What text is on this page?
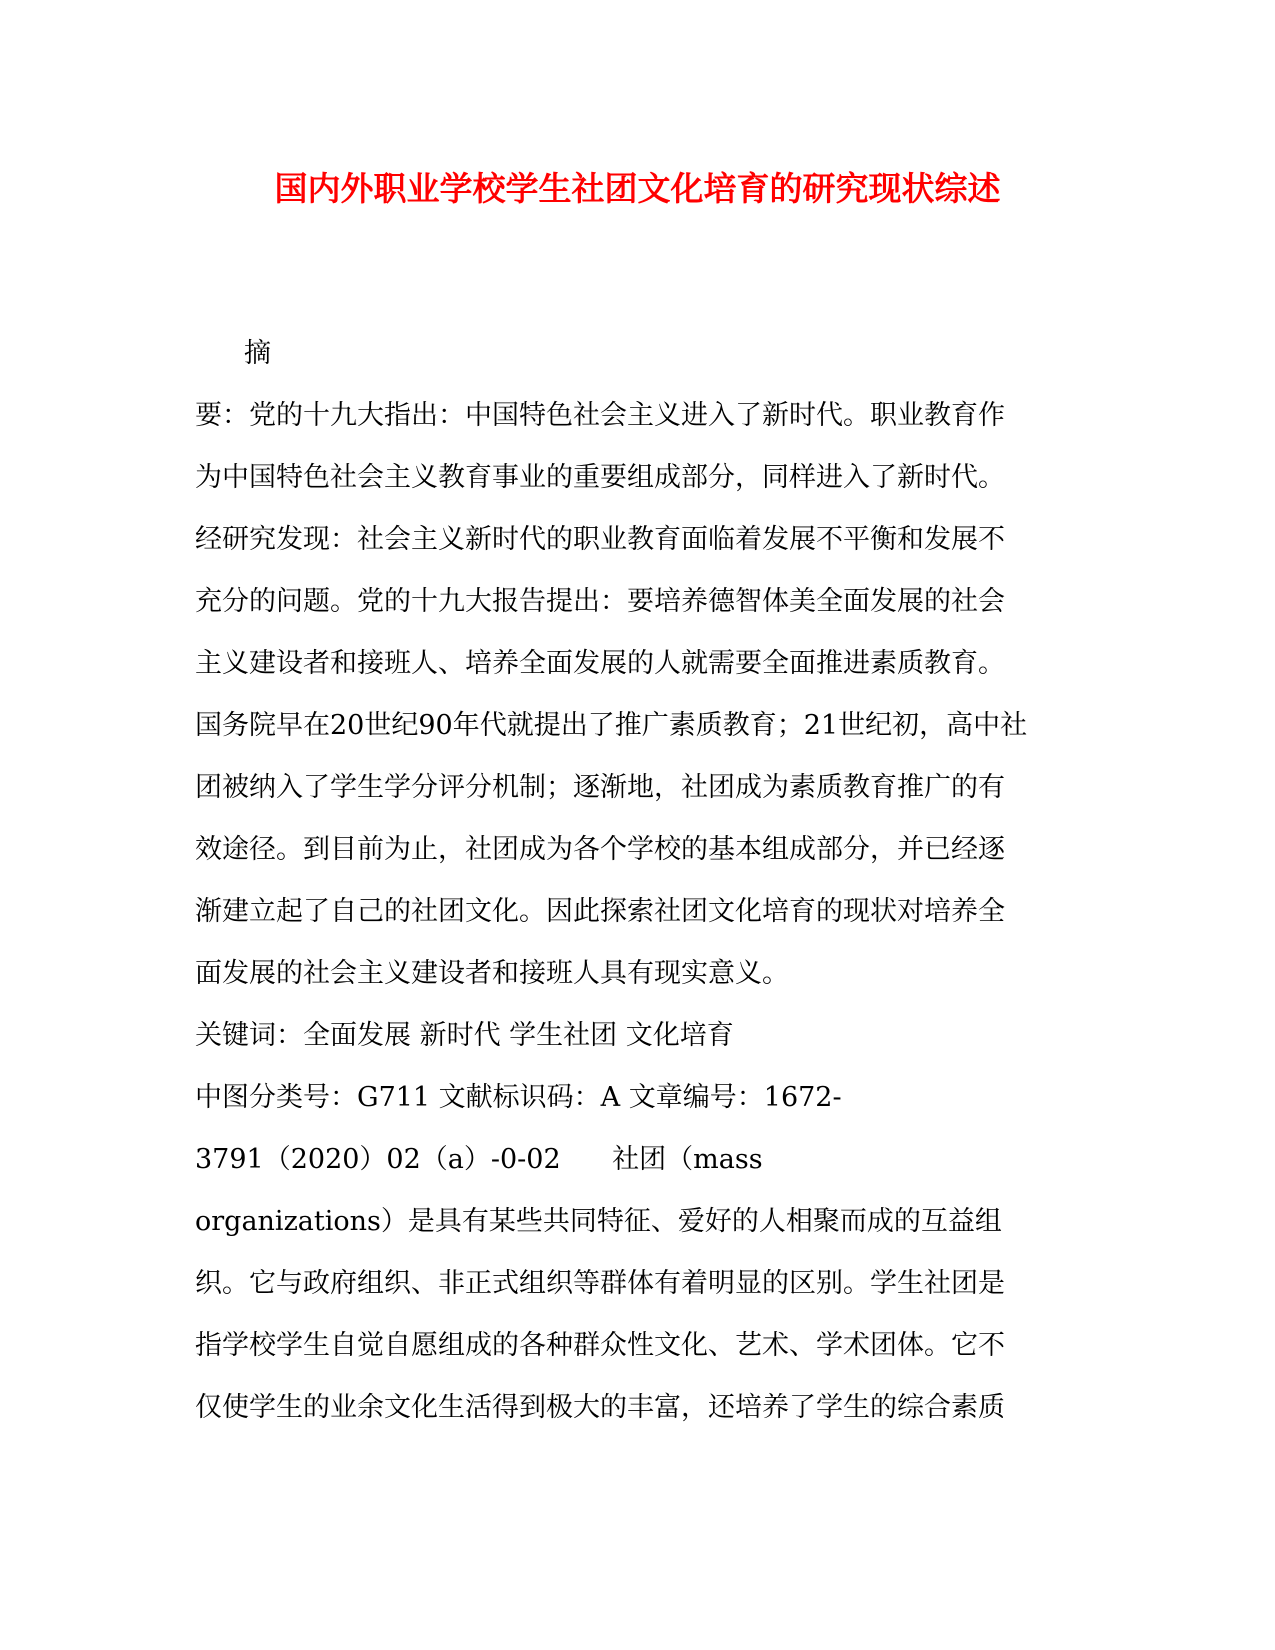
国内外职业学校学生社团文化培育的研究现状综述
摘
要：党的十九大指出：中国特色社会主义进入了新时代。职业教育作
为中国特色社会主义教育事业的重要组成部分，同样进入了新时代。
经研究发现：社会主义新时代的职业教育面临着发展不平衡和发展不
充分的问题。党的十九大报告提出：要培养德智体美全面发展的社会
主义建设者和接班人、培养全面发展的人就需要全面推进素质教育。
国务院早在20世纪90年代就提出了推广素质教育；21世纪初，高中社
团被纳入了学生学分评分机制；逐渐地，社团成为素质教育推广的有
效途径。到目前为止，社团成为各个学校的基本组成部分，并已经逐
渐建立起了自己的社团文化。因此探索社团文化培育的现状对培养全
面发展的社会主义建设者和接班人具有现实意义。
关键词：全面发展 新时代 学生社团 文化培育
中图分类号：G711 文献标识码：A 文章编号：1672-
3791（2020）02（a）-0-02      社团（mass
organizations）是具有某些共同特征、爱好的人相聚而成的互益组
织。它与政府组织、非正式组织等群体有着明显的区别。学生社团是
指学校学生自觉自愿组成的各种群众性文化、艺术、学术团体。它不
仅使学生的业余文化生活得到极大的丰富，还培养了学生的综合素质
